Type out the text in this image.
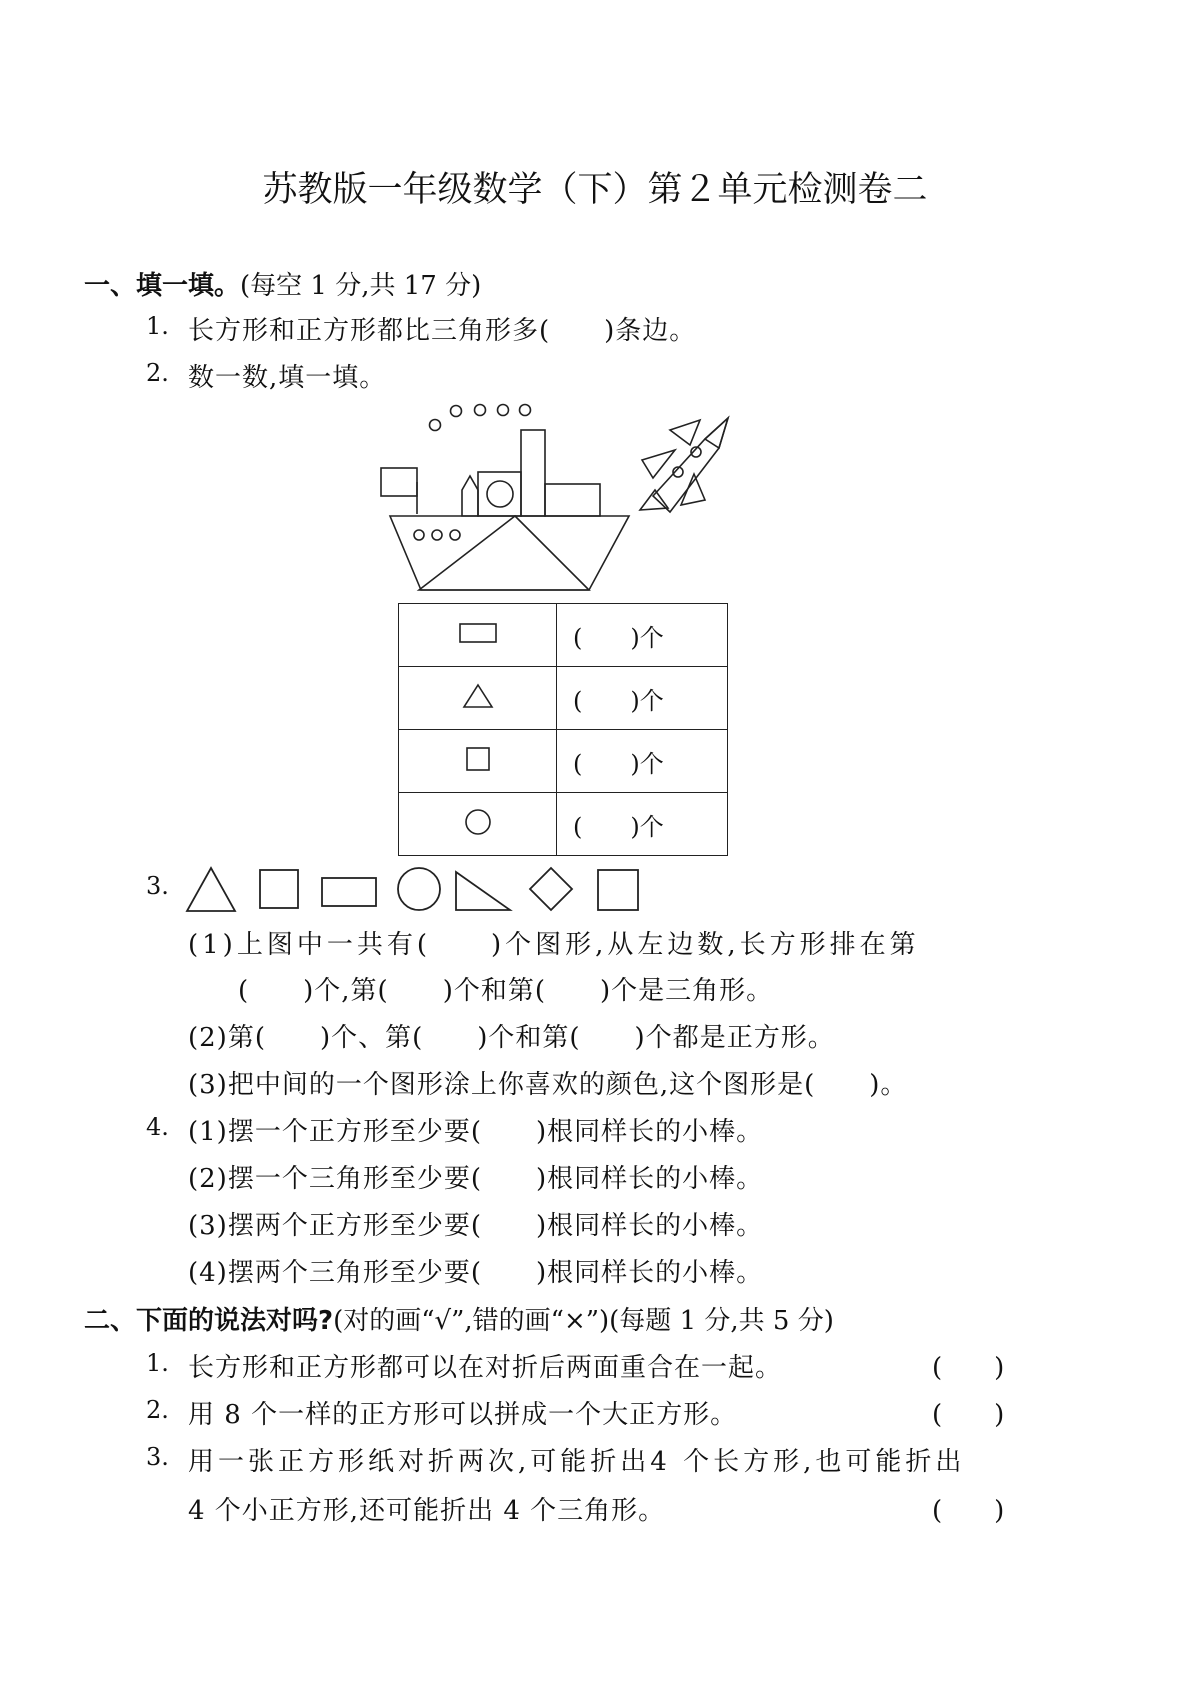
苏教版一年级数学（下）第２单元检测卷二
一、填一填。(每空 1 分,共 17 分)
1. 长方形和正方形都比三角形多(　　)条边。
2. 数一数,填一填。
	(　　)个
	(　　)个
	(　　)个
	(　　)个
3.
(1)上图中一共有(　　)个图形,从左边数,长方形排在第
(　　)个,第(　　)个和第(　　)个是三角形。
(2)第(　　)个、第(　　)个和第(　　)个都是正方形。
(3)把中间的一个图形涂上你喜欢的颜色,这个图形是(　　)。
4. (1)摆一个正方形至少要(　　)根同样长的小棒。
(2)摆一个三角形至少要(　　)根同样长的小棒。
(3)摆两个正方形至少要(　　)根同样长的小棒。
(4)摆两个三角形至少要(　　)根同样长的小棒。
二、下面的说法对吗?(对的画“√”,错的画“×”)(每题 1 分,共 5 分)
1. 长方形和正方形都可以在对折后两面重合在一起。	(　　)
2. 用 8 个一样的正方形可以拼成一个大正方形。	(　　)
3. 用一张正方形纸对折两次,可能折出4 个长方形,也可能折出
4 个小正方形,还可能折出 4 个三角形。	(　　)
